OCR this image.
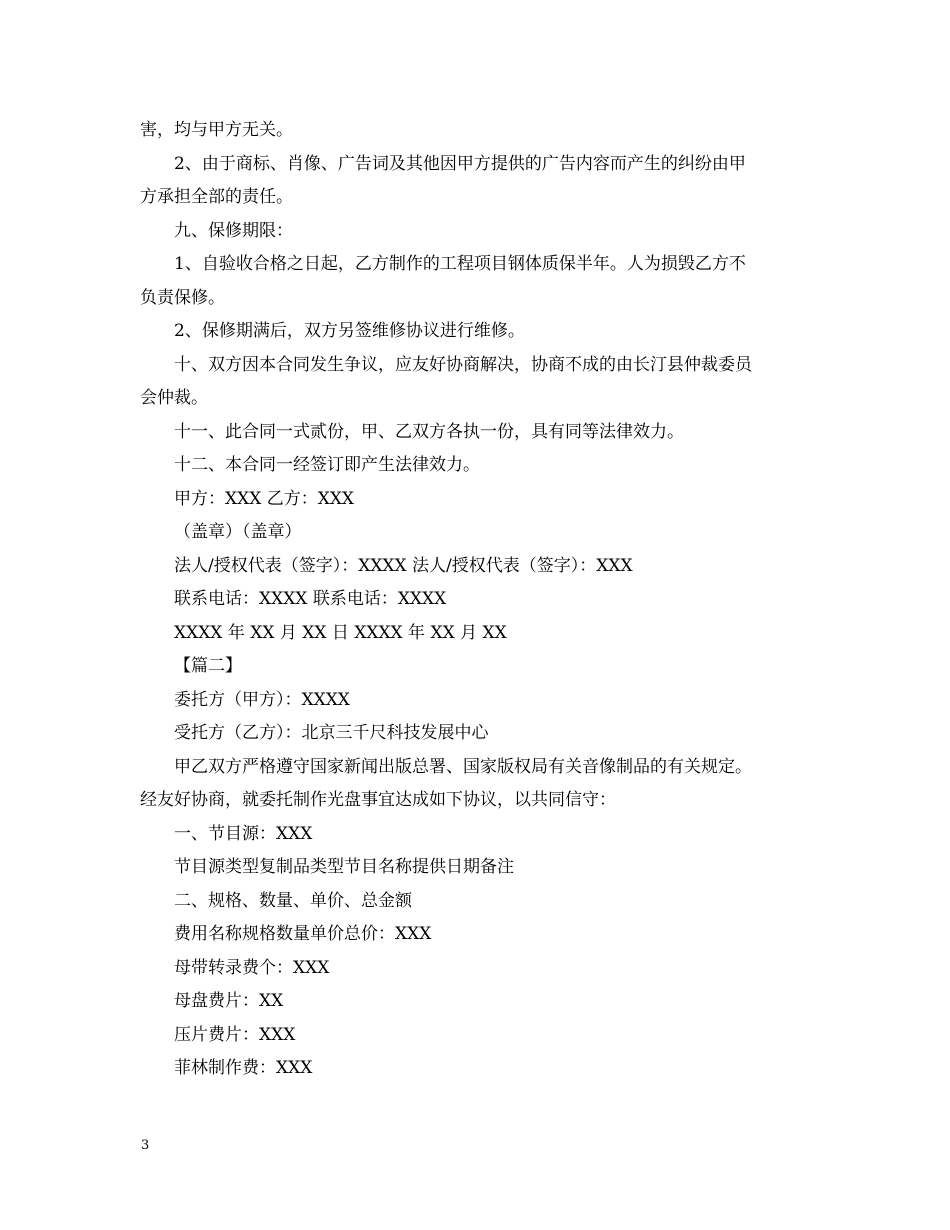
害，均与甲方无关。
2、由于商标、肖像、广告词及其他因甲方提供的广告内容而产生的纠纷由甲
方承担全部的责任。
九、保修期限：
1、自验收合格之日起，乙方制作的工程项目钢体质保半年。人为损毁乙方不
负责保修。
2、保修期满后，双方另签维修协议进行维修。
十、双方因本合同发生争议，应友好协商解决，协商不成的由长汀县仲裁委员
会仲裁。
十一、此合同一式贰份，甲、乙双方各执一份，具有同等法律效力。
十二、本合同一经签订即产生法律效力。
甲方：XXX 乙方：XXX
（盖章）（盖章）
法人/授权代表（签字）：XXXX 法人/授权代表（签字）：XXX
联系电话：XXXX 联系电话：XXXX
XXXX 年 XX 月 XX 日 XXXX 年 XX 月 XX
【篇二】
委托方（甲方）：XXXX
受托方（乙方）：北京三千尺科技发展中心
甲乙双方严格遵守国家新闻出版总署、国家版权局有关音像制品的有关规定。
经友好协商，就委托制作光盘事宜达成如下协议，以共同信守：
一、节目源：XXX
节目源类型复制品类型节目名称提供日期备注
二、规格、数量、单价、总金额
费用名称规格数量单价总价：XXX
母带转录费个：XXX
母盘费片：XX
压片费片：XXX
菲林制作费：XXX
3
